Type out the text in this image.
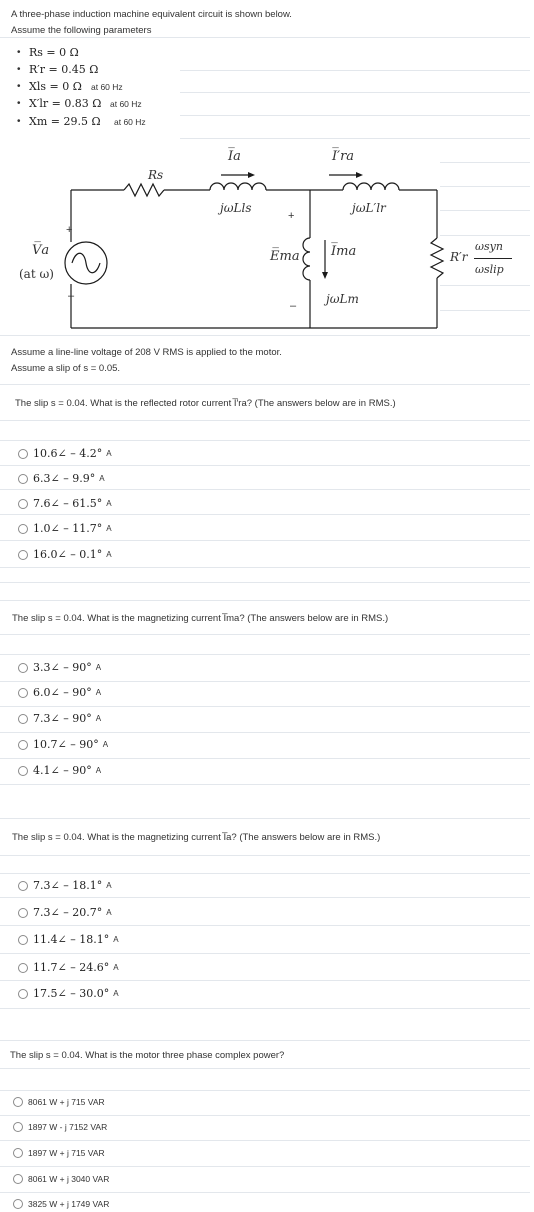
A three-phase induction machine equivalent circuit is shown below.
Assume the following parameters
• Rs = 0 Ω
• R′r = 0.45 Ω
• Xls = 0 Ω at 60 Hz
• X′lr = 0.83 Ω at 60 Hz
• Xm = 29.5 Ω at 60 Hz
I̅a	I̅′ra
Rs
jωLls	jωL′lr
+
–
V̅a
(at ω)
+
E̅ma
–
I̅ma
jωLm
R′r
ωsyn
ωslip
Assume a line-line voltage of 208 V RMS is applied to the motor.
Assume a slip of s = 0.05.
The slip s = 0.04. What is the reflected rotor current I̅′ra? (The answers below are in RMS.)
10.6∠ – 4.2° A
6.3∠ – 9.9° A
7.6∠ – 61.5° A
1.0∠ – 11.7° A
16.0∠ – 0.1° A
The slip s = 0.04. What is the magnetizing current I̅ma? (The answers below are in RMS.)
3.3∠ – 90° A
6.0∠ – 90° A
7.3∠ – 90° A
10.7∠ – 90° A
4.1∠ – 90° A
The slip s = 0.04. What is the magnetizing current I̅a? (The answers below are in RMS.)
7.3∠ – 18.1° A
7.3∠ – 20.7° A
11.4∠ – 18.1° A
11.7∠ – 24.6° A
17.5∠ – 30.0° A
The slip s = 0.04. What is the motor three phase complex power?
8061 W + j 715 VAR
1897 W - j 7152 VAR
1897 W + j 715 VAR
8061 W + j 3040 VAR
3825 W + j 1749 VAR
